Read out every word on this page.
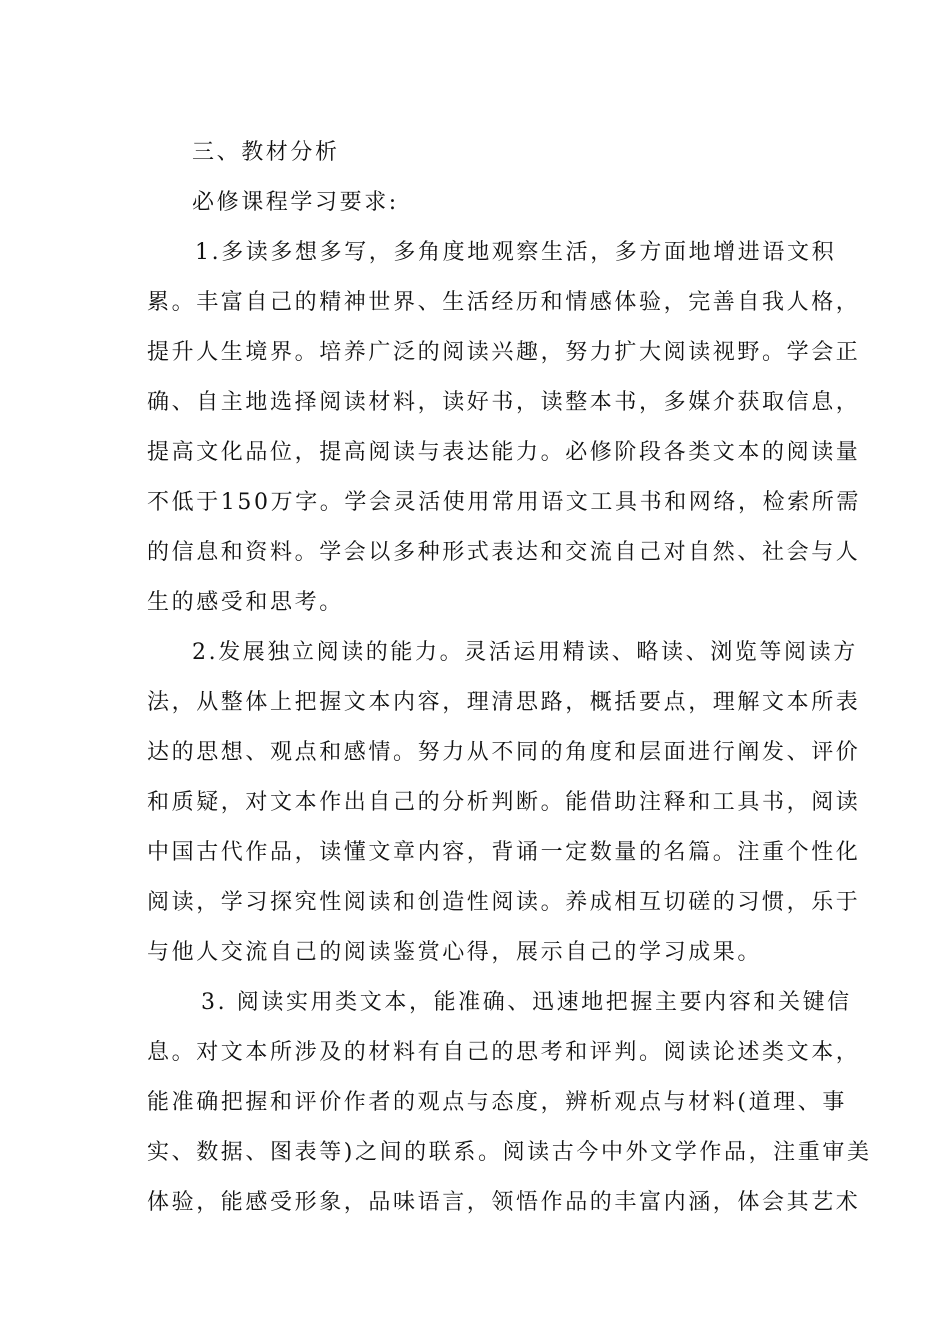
三、教材分析
必修课程学习要求:
1.多读多想多写，多角度地观察生活，多方面地增进语文积
累。丰富自己的精神世界、生活经历和情感体验，完善自我人格，
提升人生境界。培养广泛的阅读兴趣，努力扩大阅读视野。学会正
确、自主地选择阅读材料，读好书，读整本书，多媒介获取信息，
提高文化品位，提高阅读与表达能力。必修阶段各类文本的阅读量
不低于150万字。学会灵活使用常用语文工具书和网络，检索所需
的信息和资料。学会以多种形式表达和交流自己对自然、社会与人
生的感受和思考。
2.发展独立阅读的能力。灵活运用精读、略读、浏览等阅读方
法，从整体上把握文本内容，理清思路，概括要点，理解文本所表
达的思想、观点和感情。努力从不同的角度和层面进行阐发、评价
和质疑，对文本作出自己的分析判断。能借助注释和工具书，阅读
中国古代作品，读懂文章内容，背诵一定数量的名篇。注重个性化
阅读，学习探究性阅读和创造性阅读。养成相互切磋的习惯，乐于
与他人交流自己的阅读鉴赏心得，展示自己的学习成果。
3. 阅读实用类文本，能准确、迅速地把握主要内容和关键信
息。对文本所涉及的材料有自己的思考和评判。阅读论述类文本，
能准确把握和评价作者的观点与态度，辨析观点与材料(道理、事
实、数据、图表等)之间的联系。阅读古今中外文学作品，注重审美
体验，能感受形象，品味语言，领悟作品的丰富内涵，体会其艺术
